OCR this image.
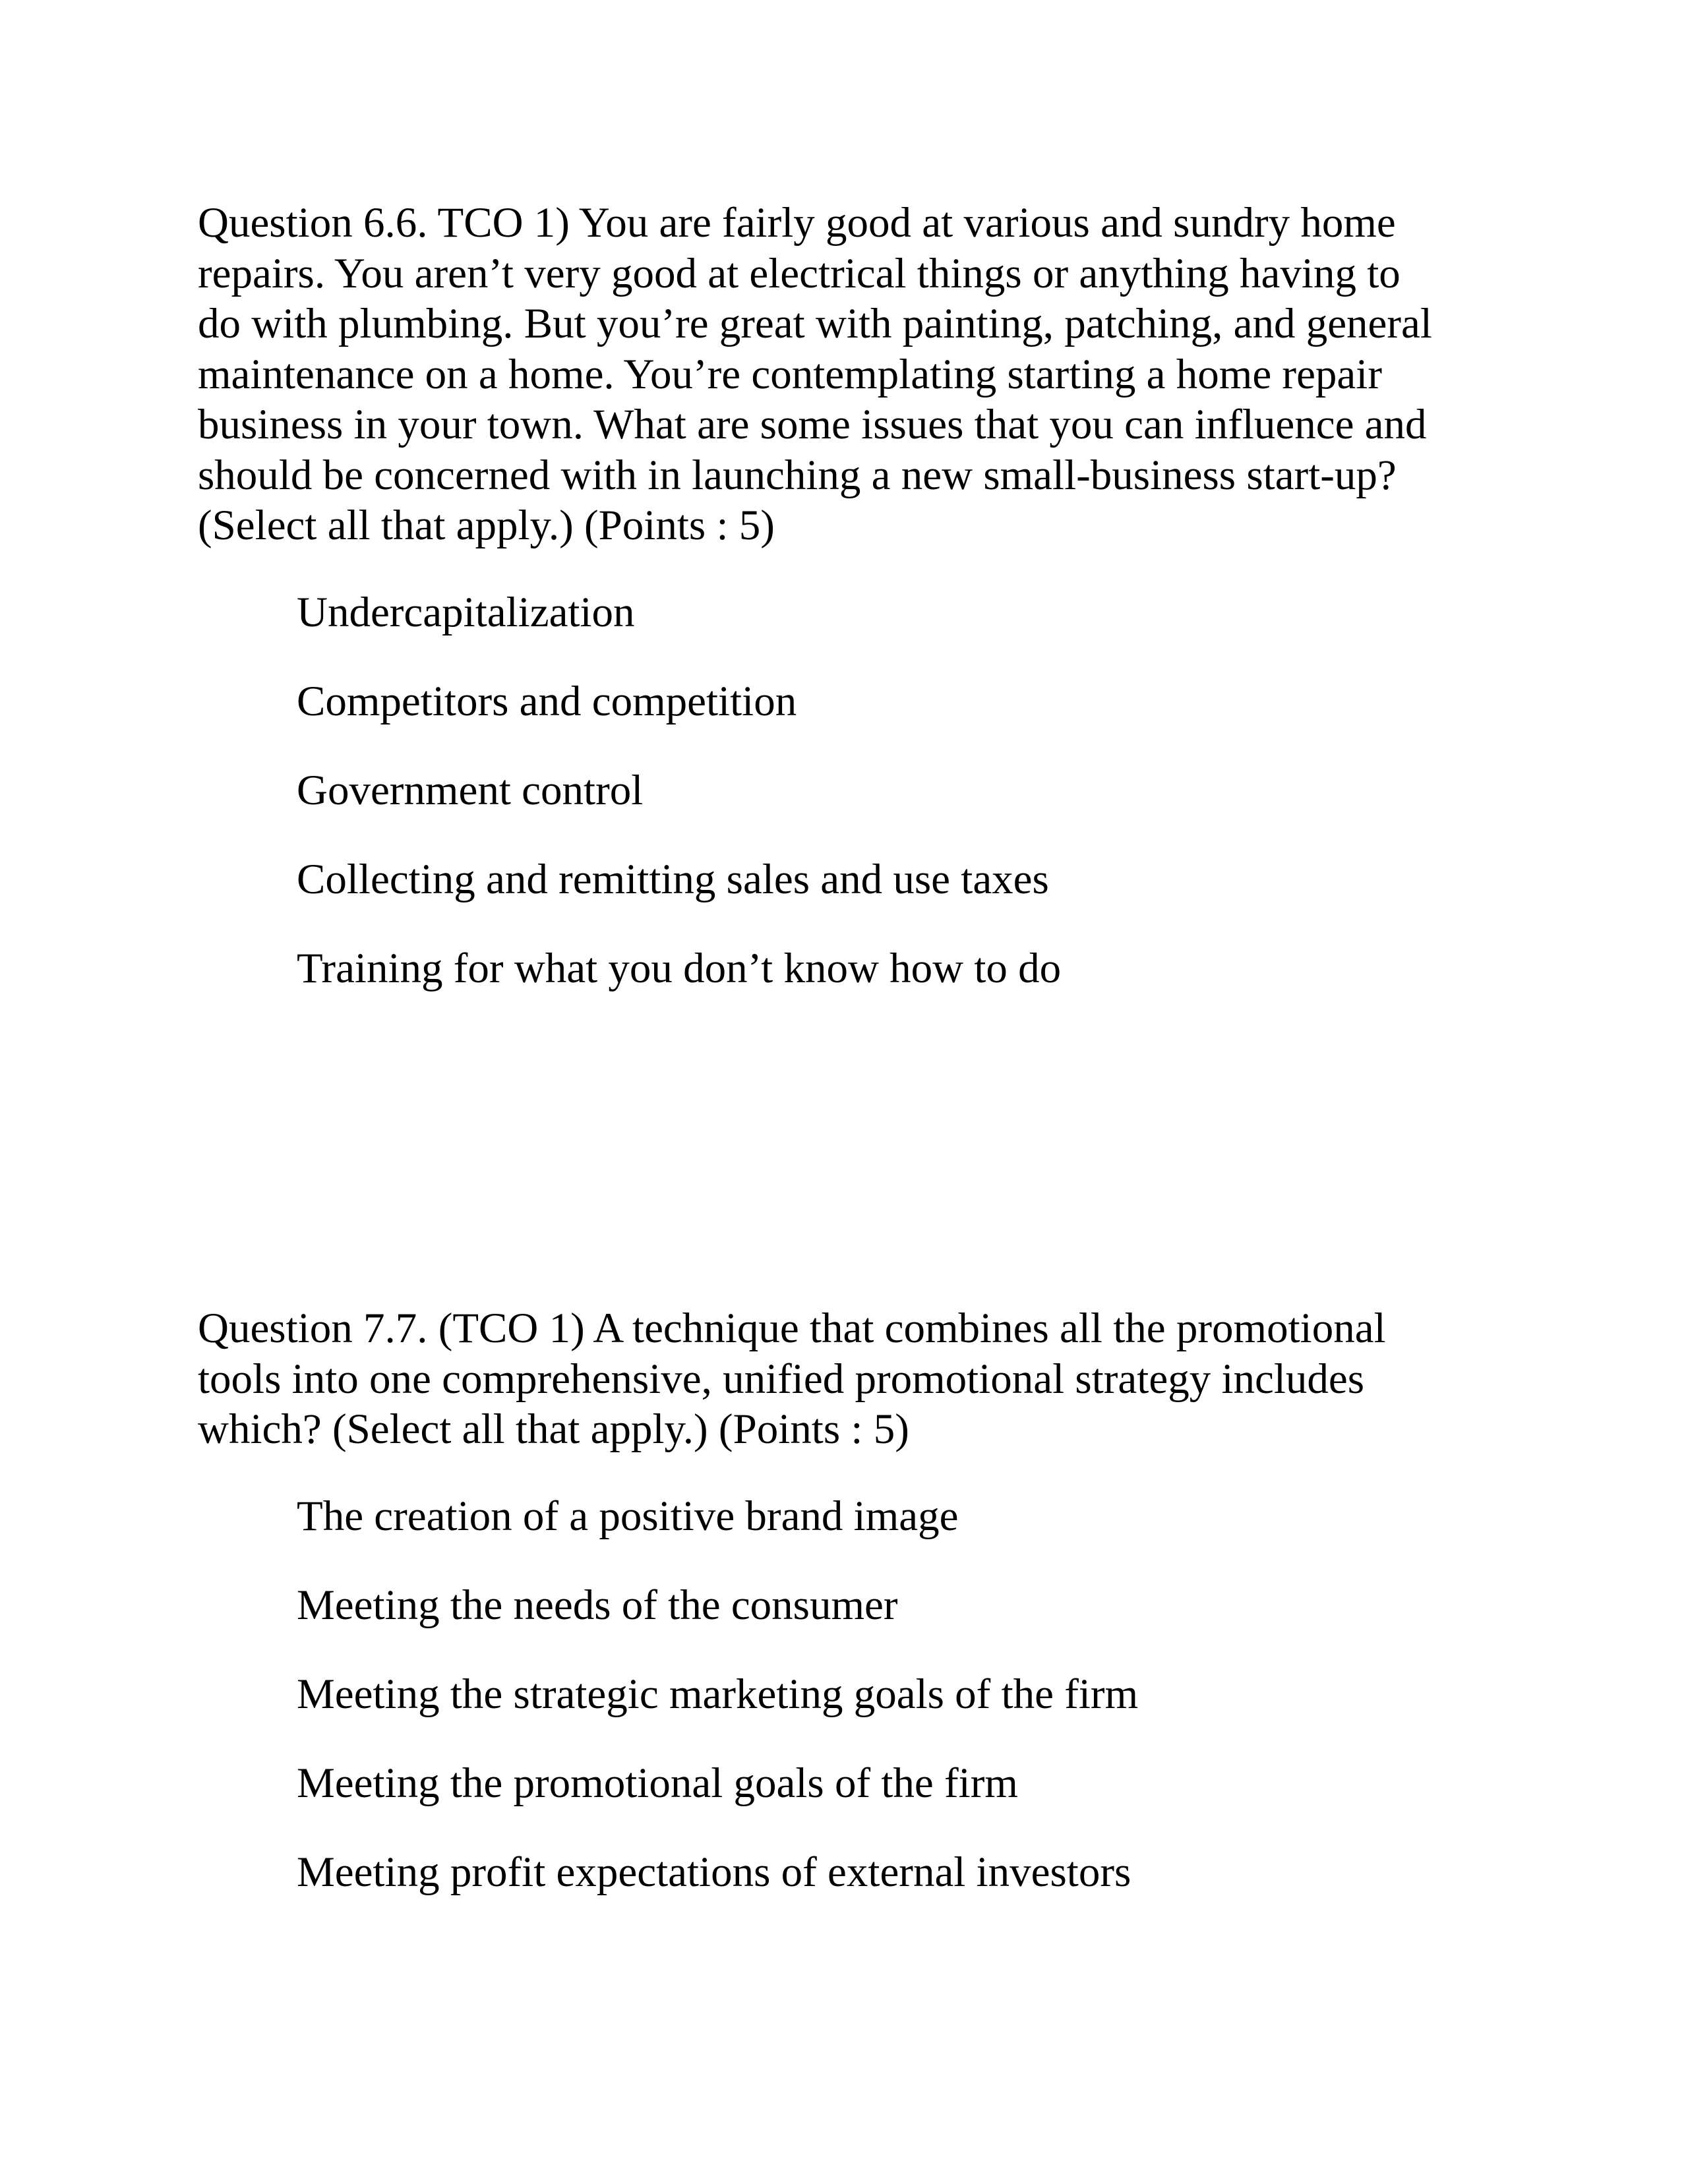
Question 6.6. TCO 1) You are fairly good at various and sundry home
repairs. You aren’t very good at electrical things or anything having to
do with plumbing. But you’re great with painting, patching, and general
maintenance on a home. You’re contemplating starting a home repair
business in your town. What are some issues that you can influence and
should be concerned with in launching a new small-business start-up?
(Select all that apply.) (Points : 5)

Undercapitalization
Competitors and competition
Government control
Collecting and remitting sales and use taxes
Training for what you don’t know how to do

Question 7.7. (TCO 1) A technique that combines all the promotional
tools into one comprehensive, unified promotional strategy includes
which? (Select all that apply.) (Points : 5)

The creation of a positive brand image
Meeting the needs of the consumer
Meeting the strategic marketing goals of the firm
Meeting the promotional goals of the firm
Meeting profit expectations of external investors
